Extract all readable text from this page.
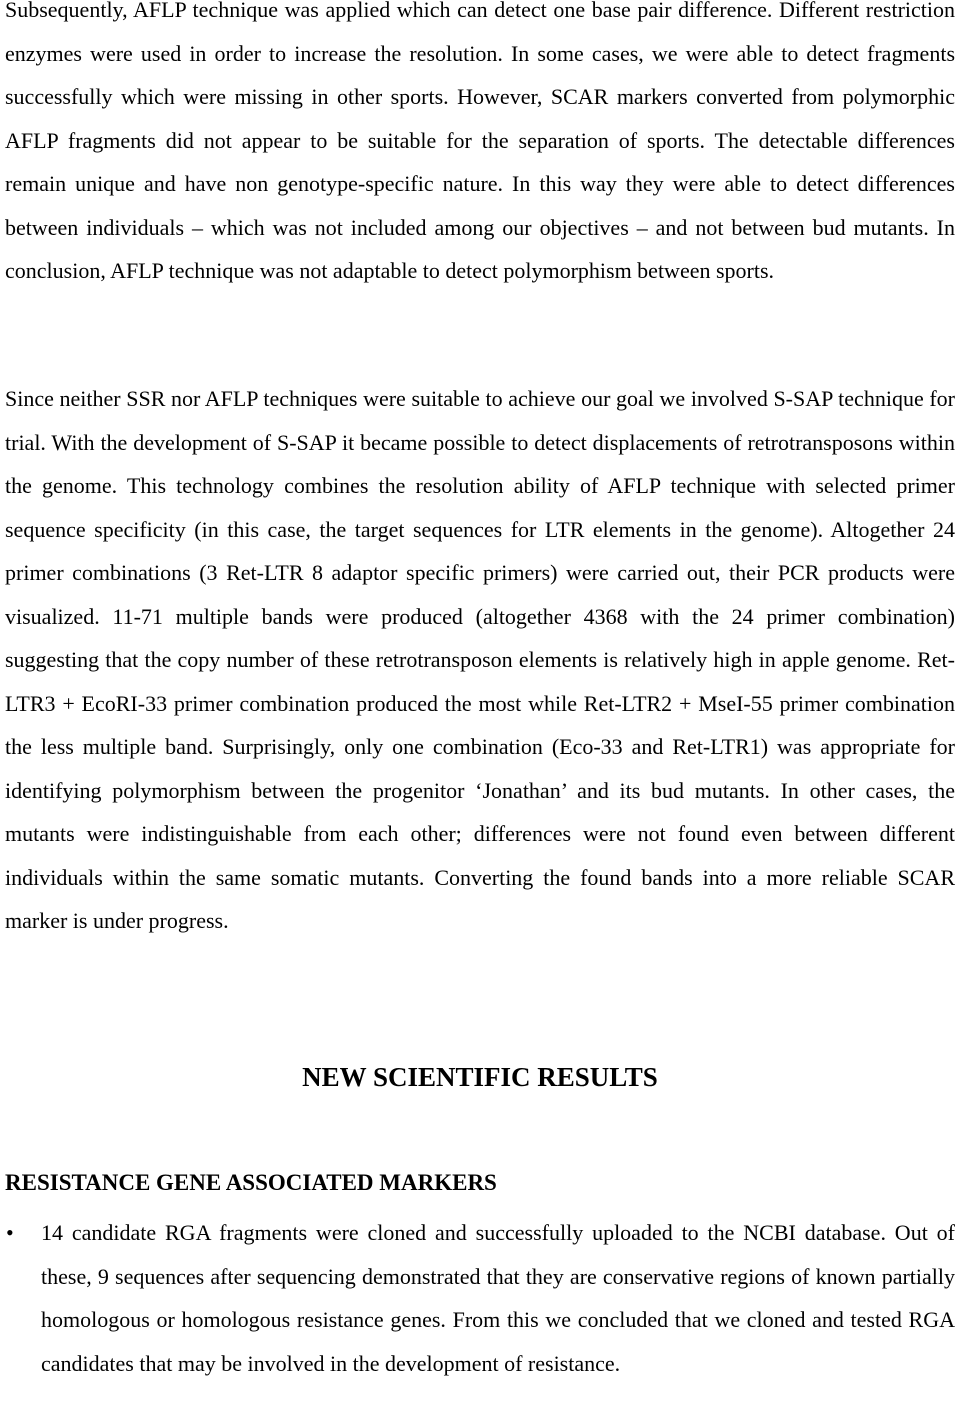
Subsequently, AFLP technique was applied which can detect one base pair difference. Different restriction enzymes were used in order to increase the resolution. In some cases, we were able to detect fragments successfully which were missing in other sports. However, SCAR markers converted from polymorphic AFLP fragments did not appear to be suitable for the separation of sports. The detectable differences remain unique and have non genotype-specific nature. In this way they were able to detect differences between individuals – which was not included among our objectives – and not between bud mutants. In conclusion, AFLP technique was not adaptable to detect polymorphism between sports.

Since neither SSR nor AFLP techniques were suitable to achieve our goal we involved S-SAP technique for trial. With the development of S-SAP it became possible to detect displacements of retrotransposons within the genome. This technology combines the resolution ability of AFLP technique with selected primer sequence specificity (in this case, the target sequences for LTR elements in the genome). Altogether 24 primer combinations (3 Ret-LTR 8 adaptor specific primers) were carried out, their PCR products were visualized. 11-71 multiple bands were produced (altogether 4368 with the 24 primer combination) suggesting that the copy number of these retrotransposon elements is relatively high in apple genome. Ret-LTR3 + EcoRI-33 primer combination produced the most while Ret-LTR2 + MseI-55 primer combination the less multiple band. Surprisingly, only one combination (Eco-33 and Ret-LTR1) was appropriate for identifying polymorphism between the progenitor ‘Jonathan’ and its bud mutants. In other cases, the mutants were indistinguishable from each other; differences were not found even between different individuals within the same somatic mutants. Converting the found bands into a more reliable SCAR marker is under progress.

NEW SCIENTIFIC RESULTS
RESISTANCE GENE ASSOCIATED MARKERS
• 14 candidate RGA fragments were cloned and successfully uploaded to the NCBI database. Out of these, 9 sequences after sequencing demonstrated that they are conservative regions of known partially homologous or homologous resistance genes. From this we concluded that we cloned and tested RGA candidates that may be involved in the development of resistance.
